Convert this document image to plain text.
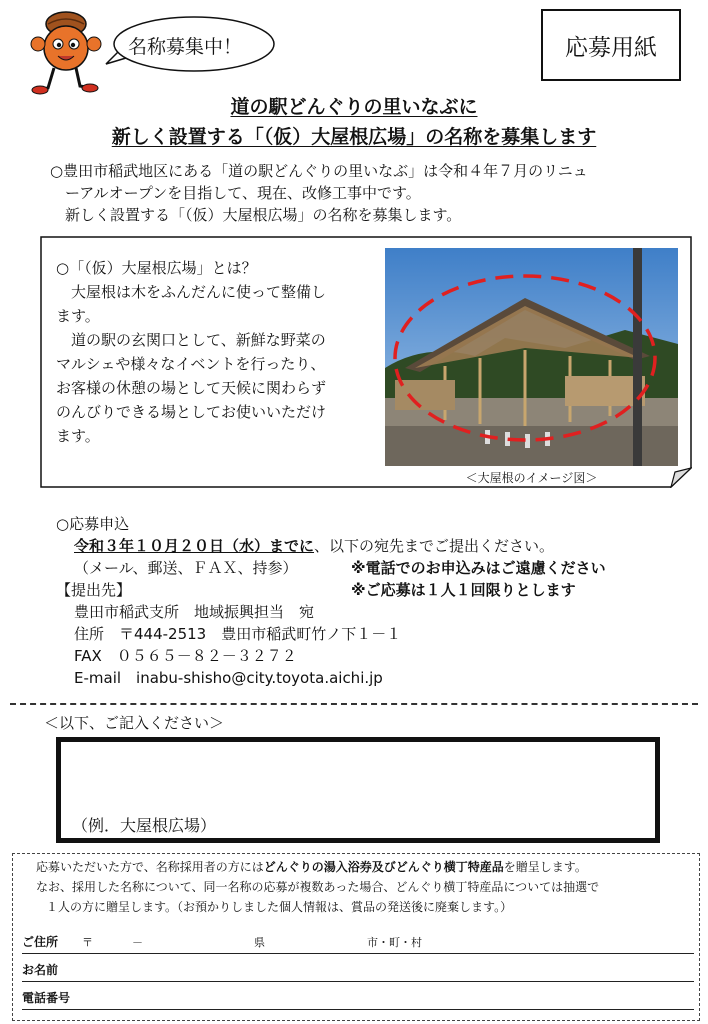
名称募集中！	応募用紙
道の駅どんぐりの里いなぶに
新しく設置する「（仮）大屋根広場」の名称を募集します

○豊田市稲武地区にある「道の駅どんぐりの里いなぶ」は令和４年７月のリニュ

ーアルオープンを目指して、現在、改修工事中です。

新しく設置する「（仮）大屋根広場」の名称を募集します。

○「（仮）大屋根広場」とは？

大屋根は木をふんだんに使って整備し

ます。

道の駅の玄関口として、新鮮な野菜の

マルシェや様々なイベントを行ったり、

お客様の休憩の場として天候に関わらず

のんびりできる場としてお使いいただけ

ます。

＜大屋根のイメージ図＞

○応募申込

令和３年１０月２０日（水）までに、以下の宛先までご提出ください。

（メール、郵送、ＦＡＸ、持参）	※電話でのお申込みはご遠慮ください

【提出先】	※ご応募は１人１回限りとします

豊田市稲武支所　地域振興担当　宛

住所　〒444-2513　豊田市稲武町竹ノ下１－１

FAX　０５６５－８２－３２７２

E-mail　inabu-shisho@city.toyota.aichi.jp

＜以下、ご記入ください＞
（例．大屋根広場）

応募いただいた方で、名称採用者の方にはどんぐりの湯入浴券及びどんぐり横丁特産品を贈呈します。

なお、採用した名称について、同一名称の応募が複数あった場合、どんぐり横丁特産品については抽選で

１人の方に贈呈します。（お預かりしました個人情報は、賞品の発送後に廃棄します。）

ご住所 〒	－	県	市・町・村
お名前
電話番号
